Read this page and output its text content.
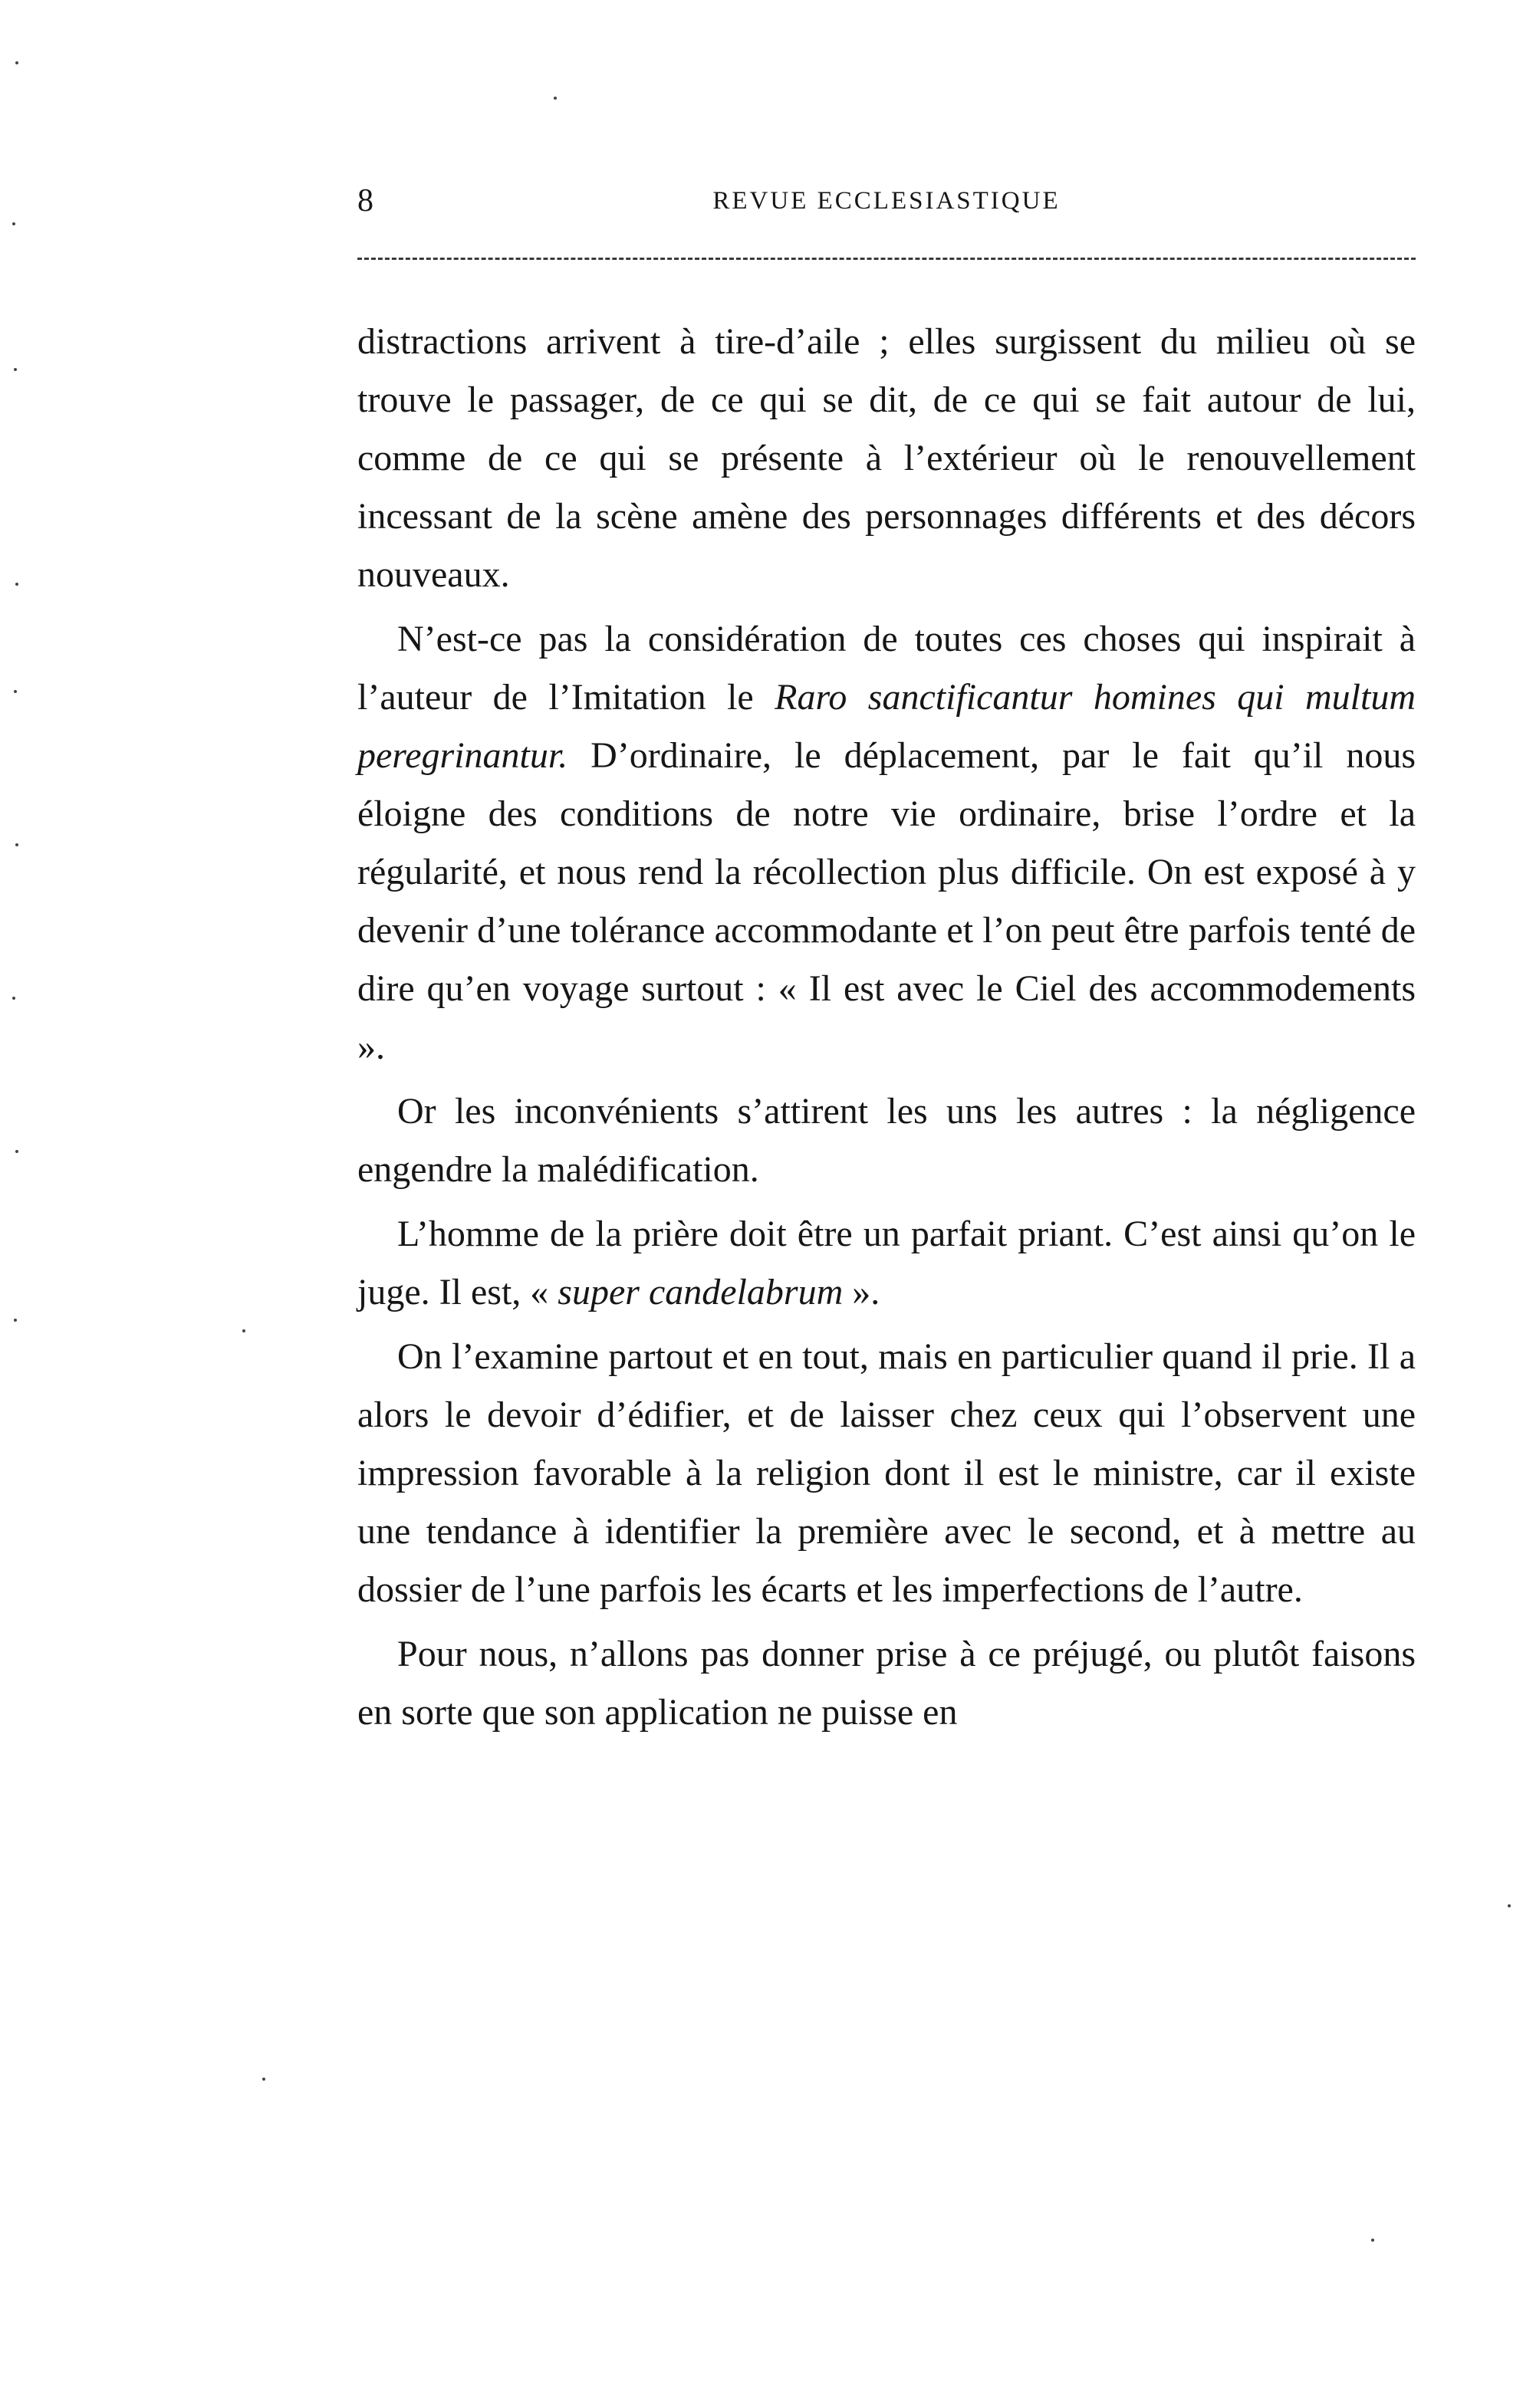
8	REVUE ECCLESIASTIQUE

distractions arrivent à tire-d’aile ; elles surgissent du milieu où se trouve le passager, de ce qui se dit, de ce qui se fait autour de lui, comme de ce qui se présente à l’extérieur où le renouvellement incessant de la scène amène des personnages différents et des décors nouveaux.

N’est-ce pas la considération de toutes ces choses qui inspirait à l’auteur de l’Imitation le Raro sanctificantur homines qui multum peregrinantur. D’ordinaire, le déplacement, par le fait qu’il nous éloigne des conditions de notre vie ordinaire, brise l’ordre et la régularité, et nous rend la récollection plus difficile. On est exposé à y devenir d’une tolérance accommodante et l’on peut être parfois tenté de dire qu’en voyage surtout : « Il est avec le Ciel des accommodements ».

Or les inconvénients s’attirent les uns les autres : la négligence engendre la malédification.

L’homme de la prière doit être un parfait priant. C’est ainsi qu’on le juge. Il est, « super candelabrum ».

On l’examine partout et en tout, mais en particulier quand il prie. Il a alors le devoir d’édifier, et de laisser chez ceux qui l’observent une impression favorable à la religion dont il est le ministre, car il existe une tendance à identifier la première avec le second, et à mettre au dossier de l’une parfois les écarts et les imperfections de l’autre.

Pour nous, n’allons pas donner prise à ce préjugé, ou plutôt faisons en sorte que son application ne puisse en
